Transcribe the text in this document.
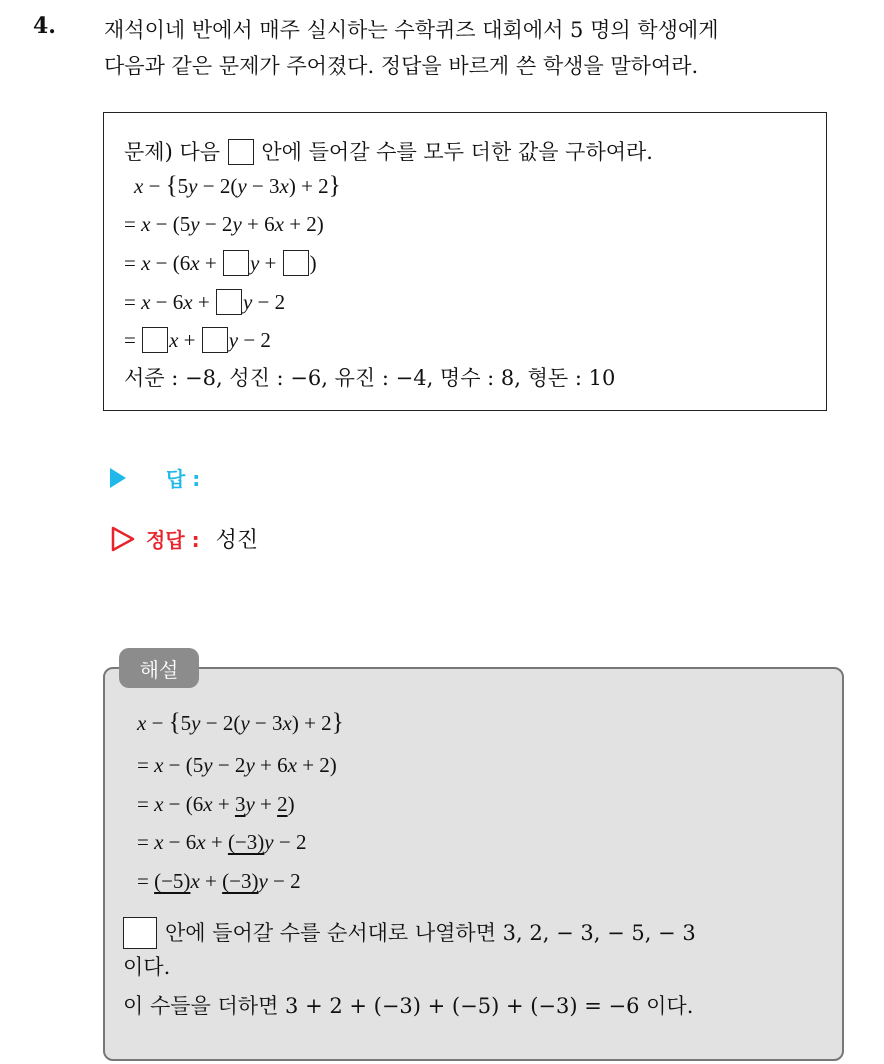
4. 재석이네 반에서 매주 실시하는 수학퀴즈 대회에서 5 명의 학생에게
다음과 같은 문제가 주어졌다. 정답을 바르게 쓴 학생을 말하여라.
문제) 다음 안에 들어갈 수를 모두 더한 값을 구하여라.
x − {5y − 2(y − 3x) + 2}
= x − (5y − 2y + 6x + 2)
= x − (6x + y + )
= x − 6x + y − 2
= x + y − 2
서준 : −8, 성진 : −6, 유진 : −4, 명수 : 8, 형돈 : 10
답 :
정답 : 성진
해설
x − {5y − 2(y − 3x) + 2}
= x − (5y − 2y + 6x + 2)
= x − (6x + 3y + 2)
= x − 6x + (−3)y − 2
= (−5)x + (−3)y − 2
안에 들어갈 수를 순서대로 나열하면 3, 2, − 3, − 5, − 3
이다.
이 수들을 더하면 3 + 2 + (−3) + (−5) + (−3) = −6 이다.
